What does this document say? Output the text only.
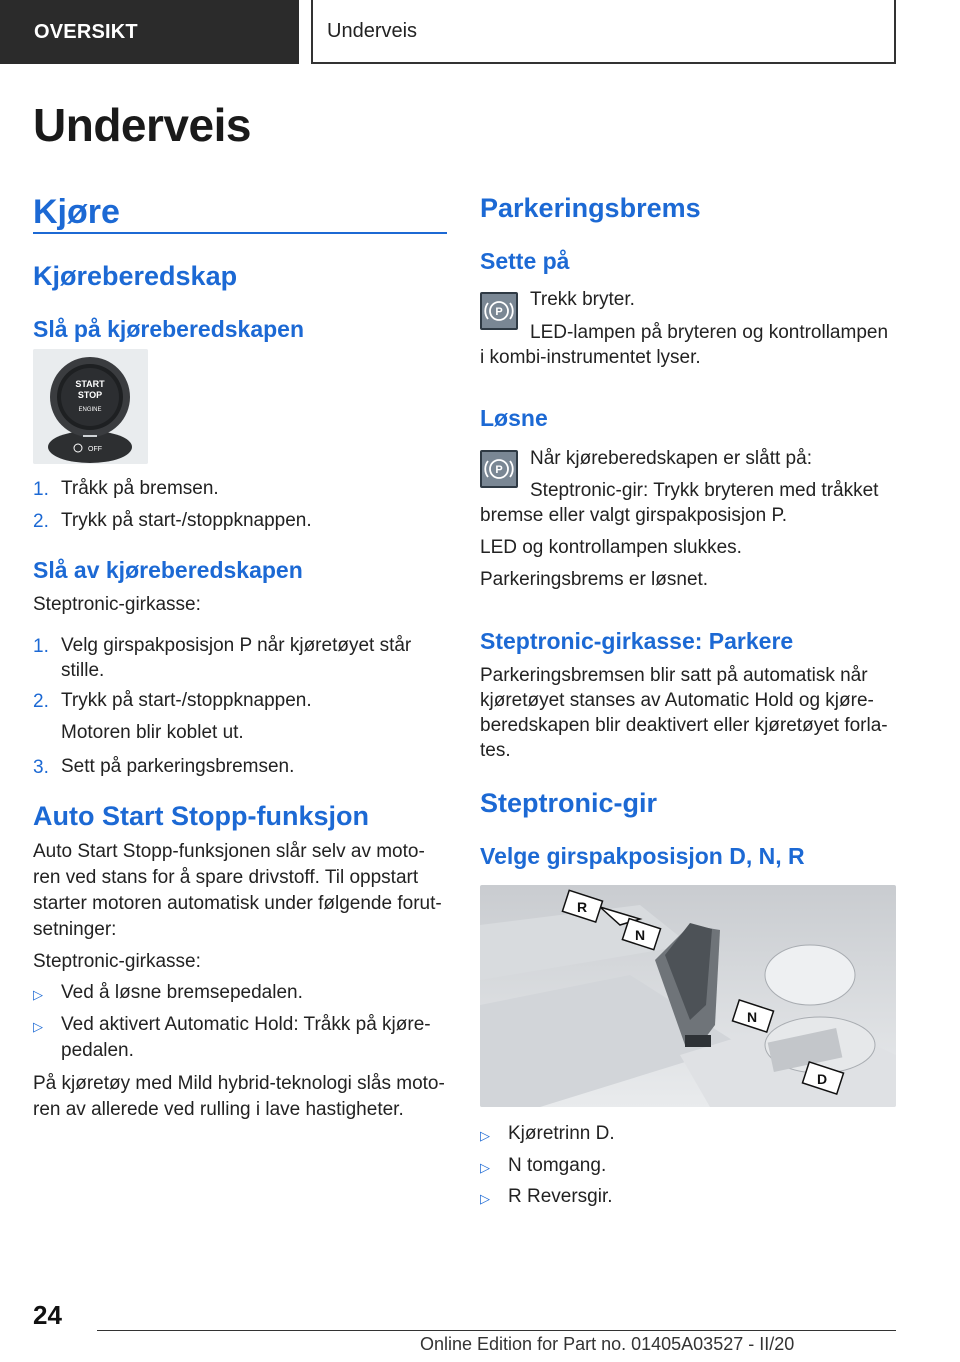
OVERSIKT	Underveis
Underveis
Kjøre
Kjøreberedskap
Slå på kjøreberedskapen
START
STOP
ENGINE
OFF
1. Tråkk på bremsen.

2. Trykk på start-/stoppknappen.

Slå av kjøreberedskapen

Steptronic-girkasse:

1. Velg girspakposisjon P når kjøretøyet står

stille.

2. Trykk på start-/stoppknappen.

Motoren blir koblet ut.

3. Sett på parkeringsbremsen.

Auto Start Stopp-funksjon

Auto Start Stopp-funksjonen slår selv av moto-

ren ved stans for å spare drivstoff. Til oppstart

starter motoren automatisk under følgende forut-

setninger:

Steptronic-girkasse:

▷ Ved å løsne bremsepedalen.

▷ Ved aktivert Automatic Hold: Tråkk på kjøre-

pedalen.

På kjøretøy med Mild hybrid-teknologi slås moto-

ren av allerede ved rulling i lave hastigheter.

Parkeringsbrems
Sette på
P

Trekk bryter.

LED-lampen på bryteren og kontrollampen

i kombi-instrumentet lyser.

Løsne
P

Når kjøreberedskapen er slått på:

Steptronic-gir: Trykk bryteren med tråkket

bremse eller valgt girspakposisjon P.

LED og kontrollampen slukkes.

Parkeringsbrems er løsnet.

Steptronic-girkasse: Parkere

Parkeringsbremsen blir satt på automatisk når

kjøretøyet stanses av Automatic Hold og kjøre-

beredskapen blir deaktivert eller kjøretøyet forla-

tes.

Steptronic-gir
Velge girspakposisjon D, N, R
R
N
N
D
▷ Kjøretrinn D.

▷ N tomgang.

▷ R Reversgir.

24

Online Edition for Part no. 01405A03527 - II/20
